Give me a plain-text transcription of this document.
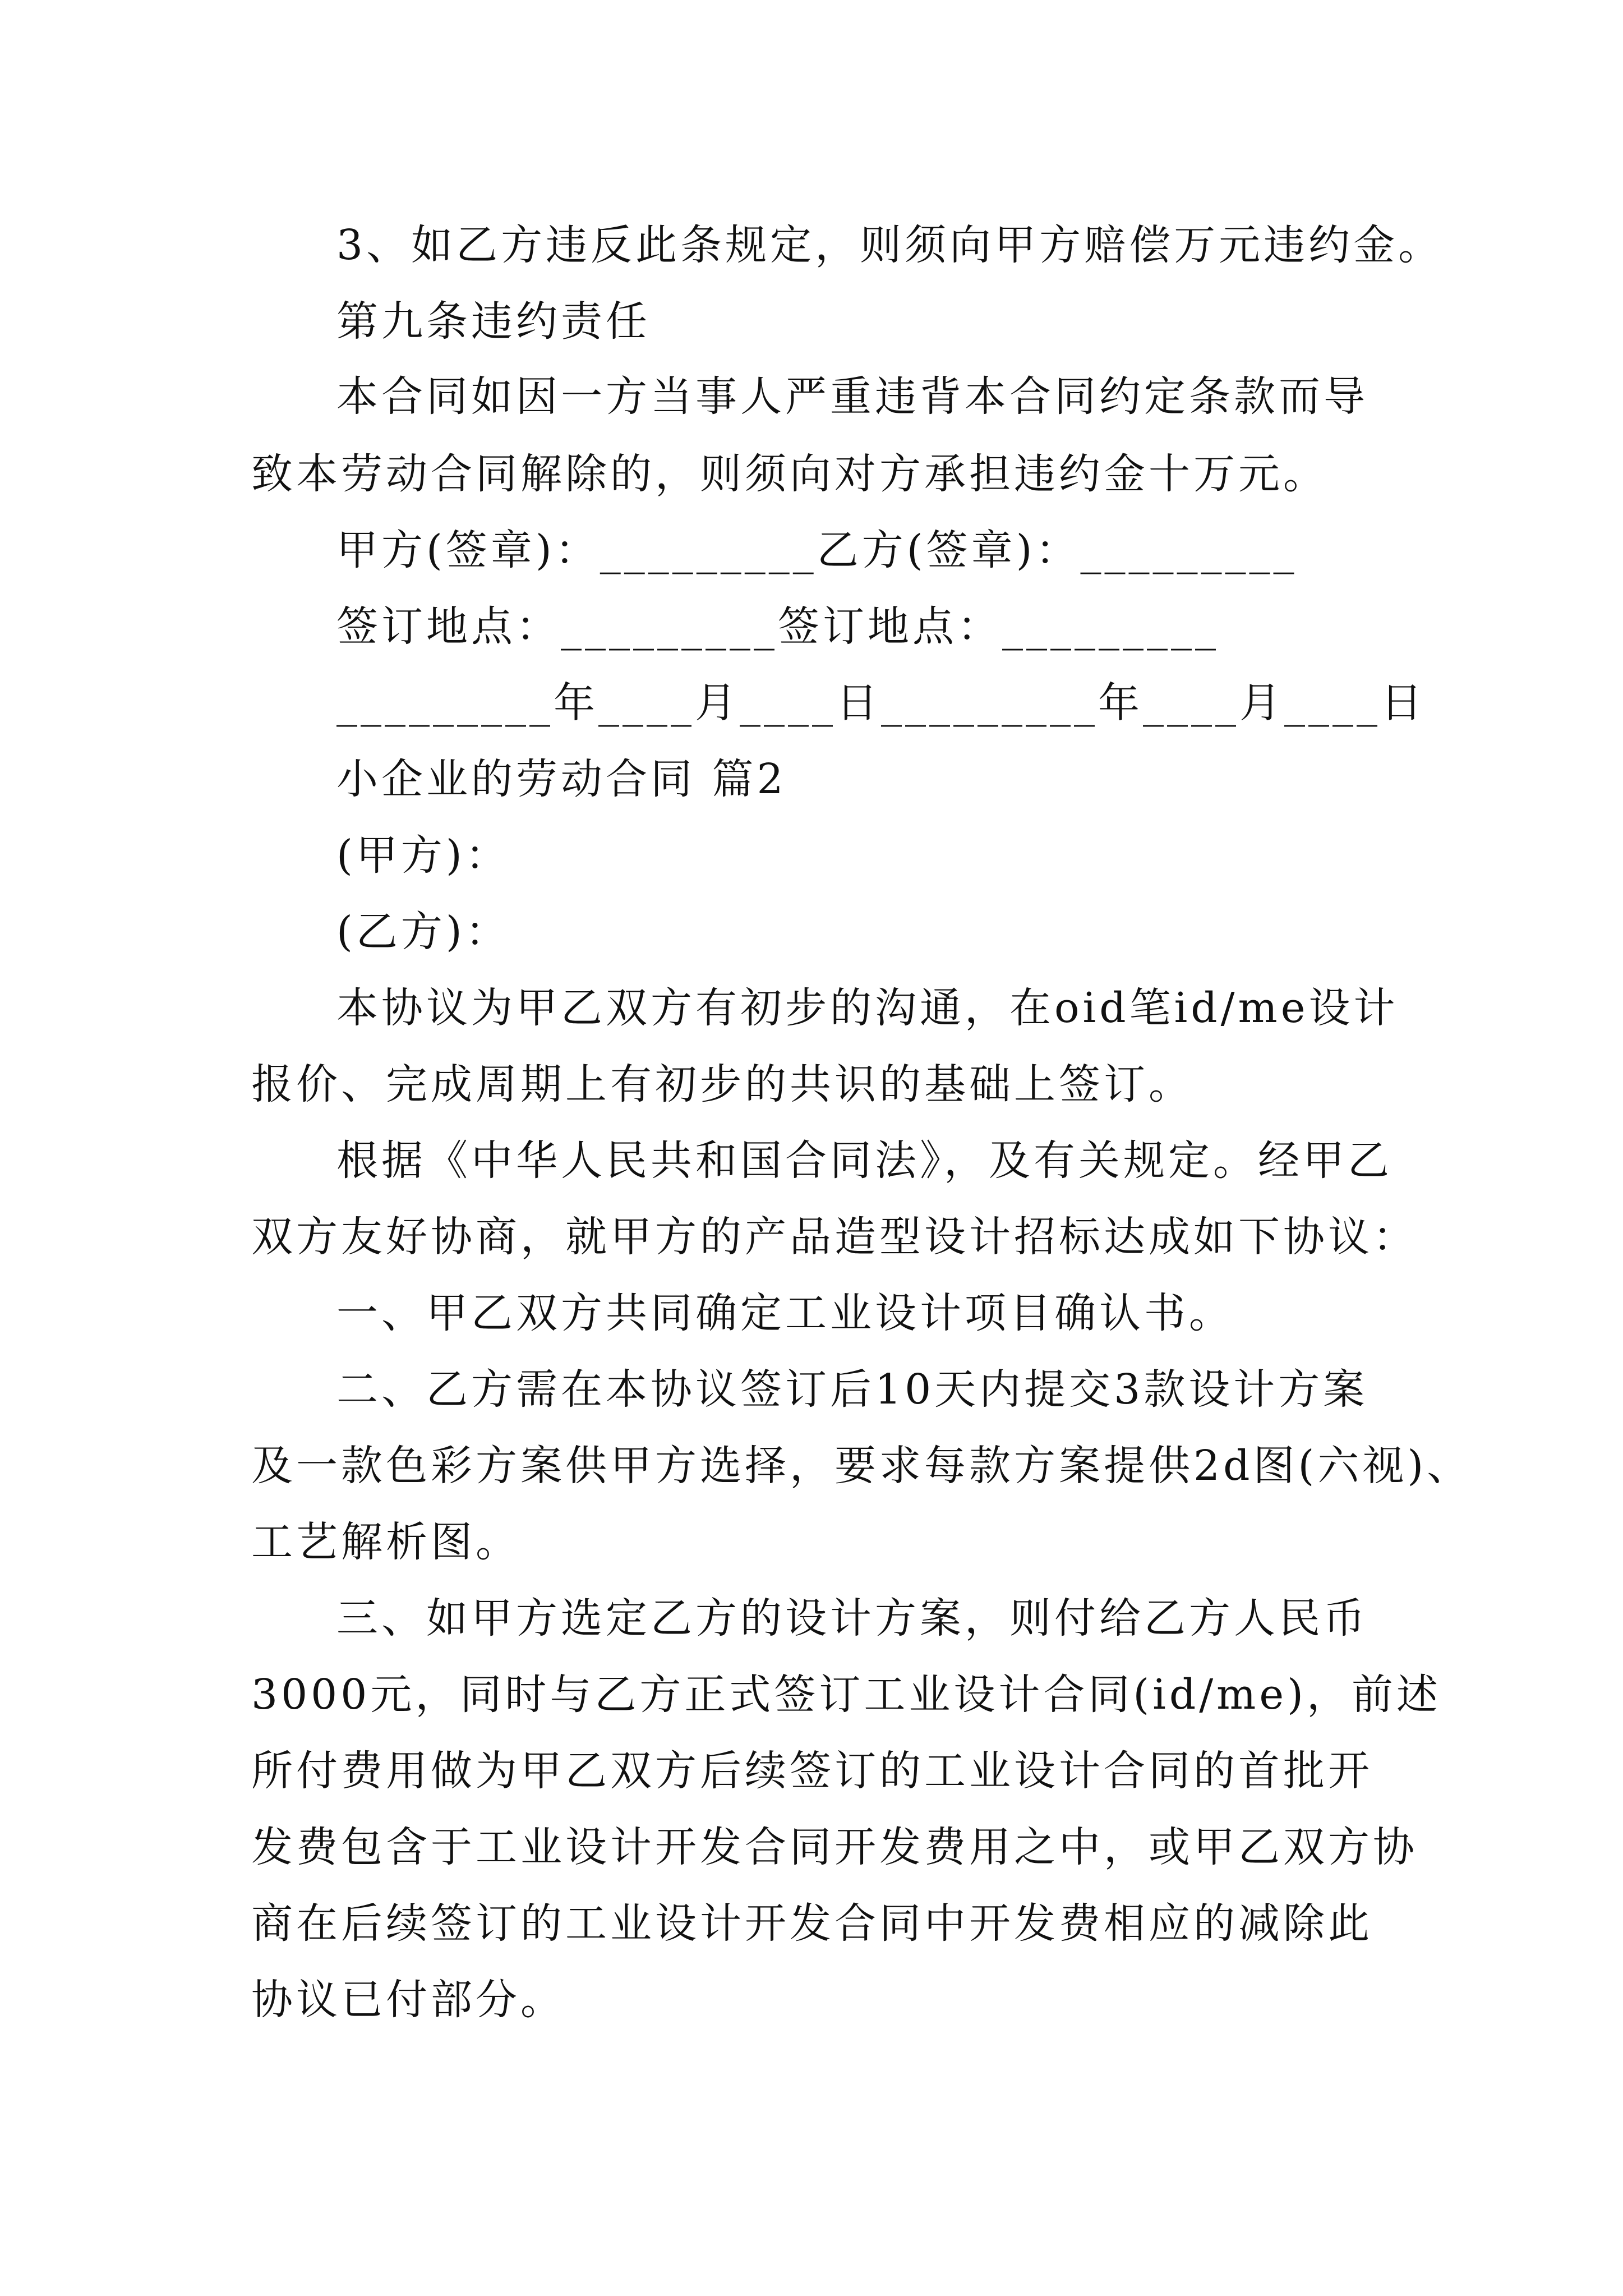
3、如乙方违反此条规定，则须向甲方赔偿万元违约金。
第九条违约责任
本合同如因一方当事人严重违背本合同约定条款而导
致本劳动合同解除的，则须向对方承担违约金十万元。
甲方(签章)：_________乙方(签章)：_________
签订地点：_________签订地点：_________
_________年____月____日_________年____月____日
小企业的劳动合同 篇2
(甲方)：
(乙方)：
本协议为甲乙双方有初步的沟通，在oid笔id/me设计
报价、完成周期上有初步的共识的基础上签订。
根据《中华人民共和国合同法》，及有关规定。经甲乙
双方友好协商，就甲方的产品造型设计招标达成如下协议：
一、甲乙双方共同确定工业设计项目确认书。
二、乙方需在本协议签订后10天内提交3款设计方案
及一款色彩方案供甲方选择，要求每款方案提供2d图(六视)、
工艺解析图。
三、如甲方选定乙方的设计方案，则付给乙方人民币
3000元，同时与乙方正式签订工业设计合同(id/me)，前述
所付费用做为甲乙双方后续签订的工业设计合同的首批开
发费包含于工业设计开发合同开发费用之中，或甲乙双方协
商在后续签订的工业设计开发合同中开发费相应的减除此
协议已付部分。
